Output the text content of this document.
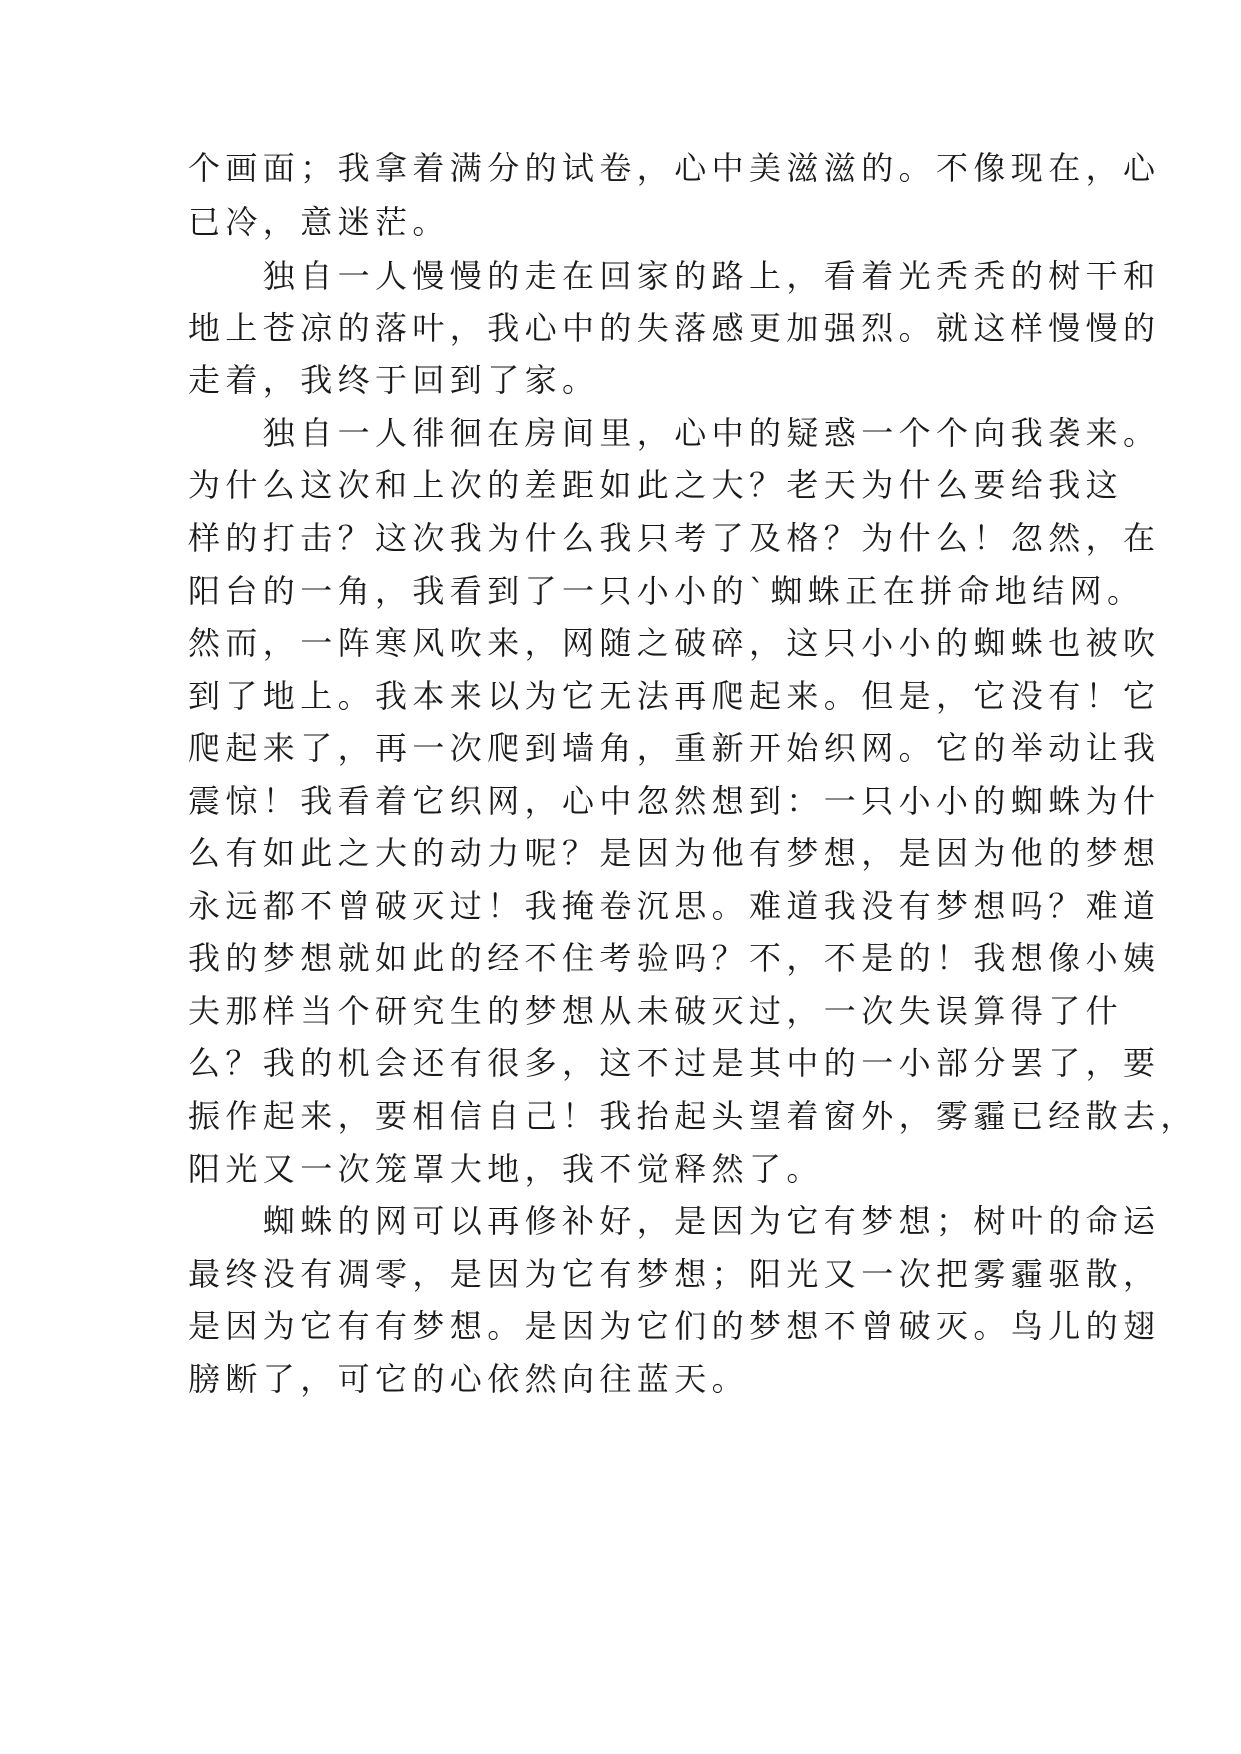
个画面；我拿着满分的试卷，心中美滋滋的。不像现在，心

已冷，意迷茫。

　　独自一人慢慢的走在回家的路上，看着光秃秃的树干和

地上苍凉的落叶，我心中的失落感更加强烈。就这样慢慢的

走着，我终于回到了家。

　　独自一人徘徊在房间里，心中的疑惑一个个向我袭来。

为什么这次和上次的差距如此之大？老天为什么要给我这

样的打击？这次我为什么我只考了及格？为什么！忽然，在

阳台的一角，我看到了一只小小的`蜘蛛正在拼命地结网。

然而，一阵寒风吹来，网随之破碎，这只小小的蜘蛛也被吹

到了地上。我本来以为它无法再爬起来。但是，它没有！它

爬起来了，再一次爬到墙角，重新开始织网。它的举动让我

震惊！我看着它织网，心中忽然想到：一只小小的蜘蛛为什

么有如此之大的动力呢？是因为他有梦想，是因为他的梦想

永远都不曾破灭过！我掩卷沉思。难道我没有梦想吗？难道

我的梦想就如此的经不住考验吗？不，不是的！我想像小姨

夫那样当个研究生的梦想从未破灭过，一次失误算得了什

么？我的机会还有很多，这不过是其中的一小部分罢了，要

振作起来，要相信自己！我抬起头望着窗外，雾霾已经散去，

阳光又一次笼罩大地，我不觉释然了。

　　蜘蛛的网可以再修补好，是因为它有梦想；树叶的命运

最终没有凋零，是因为它有梦想；阳光又一次把雾霾驱散，

是因为它有有梦想。是因为它们的梦想不曾破灭。鸟儿的翅

膀断了，可它的心依然向往蓝天。
